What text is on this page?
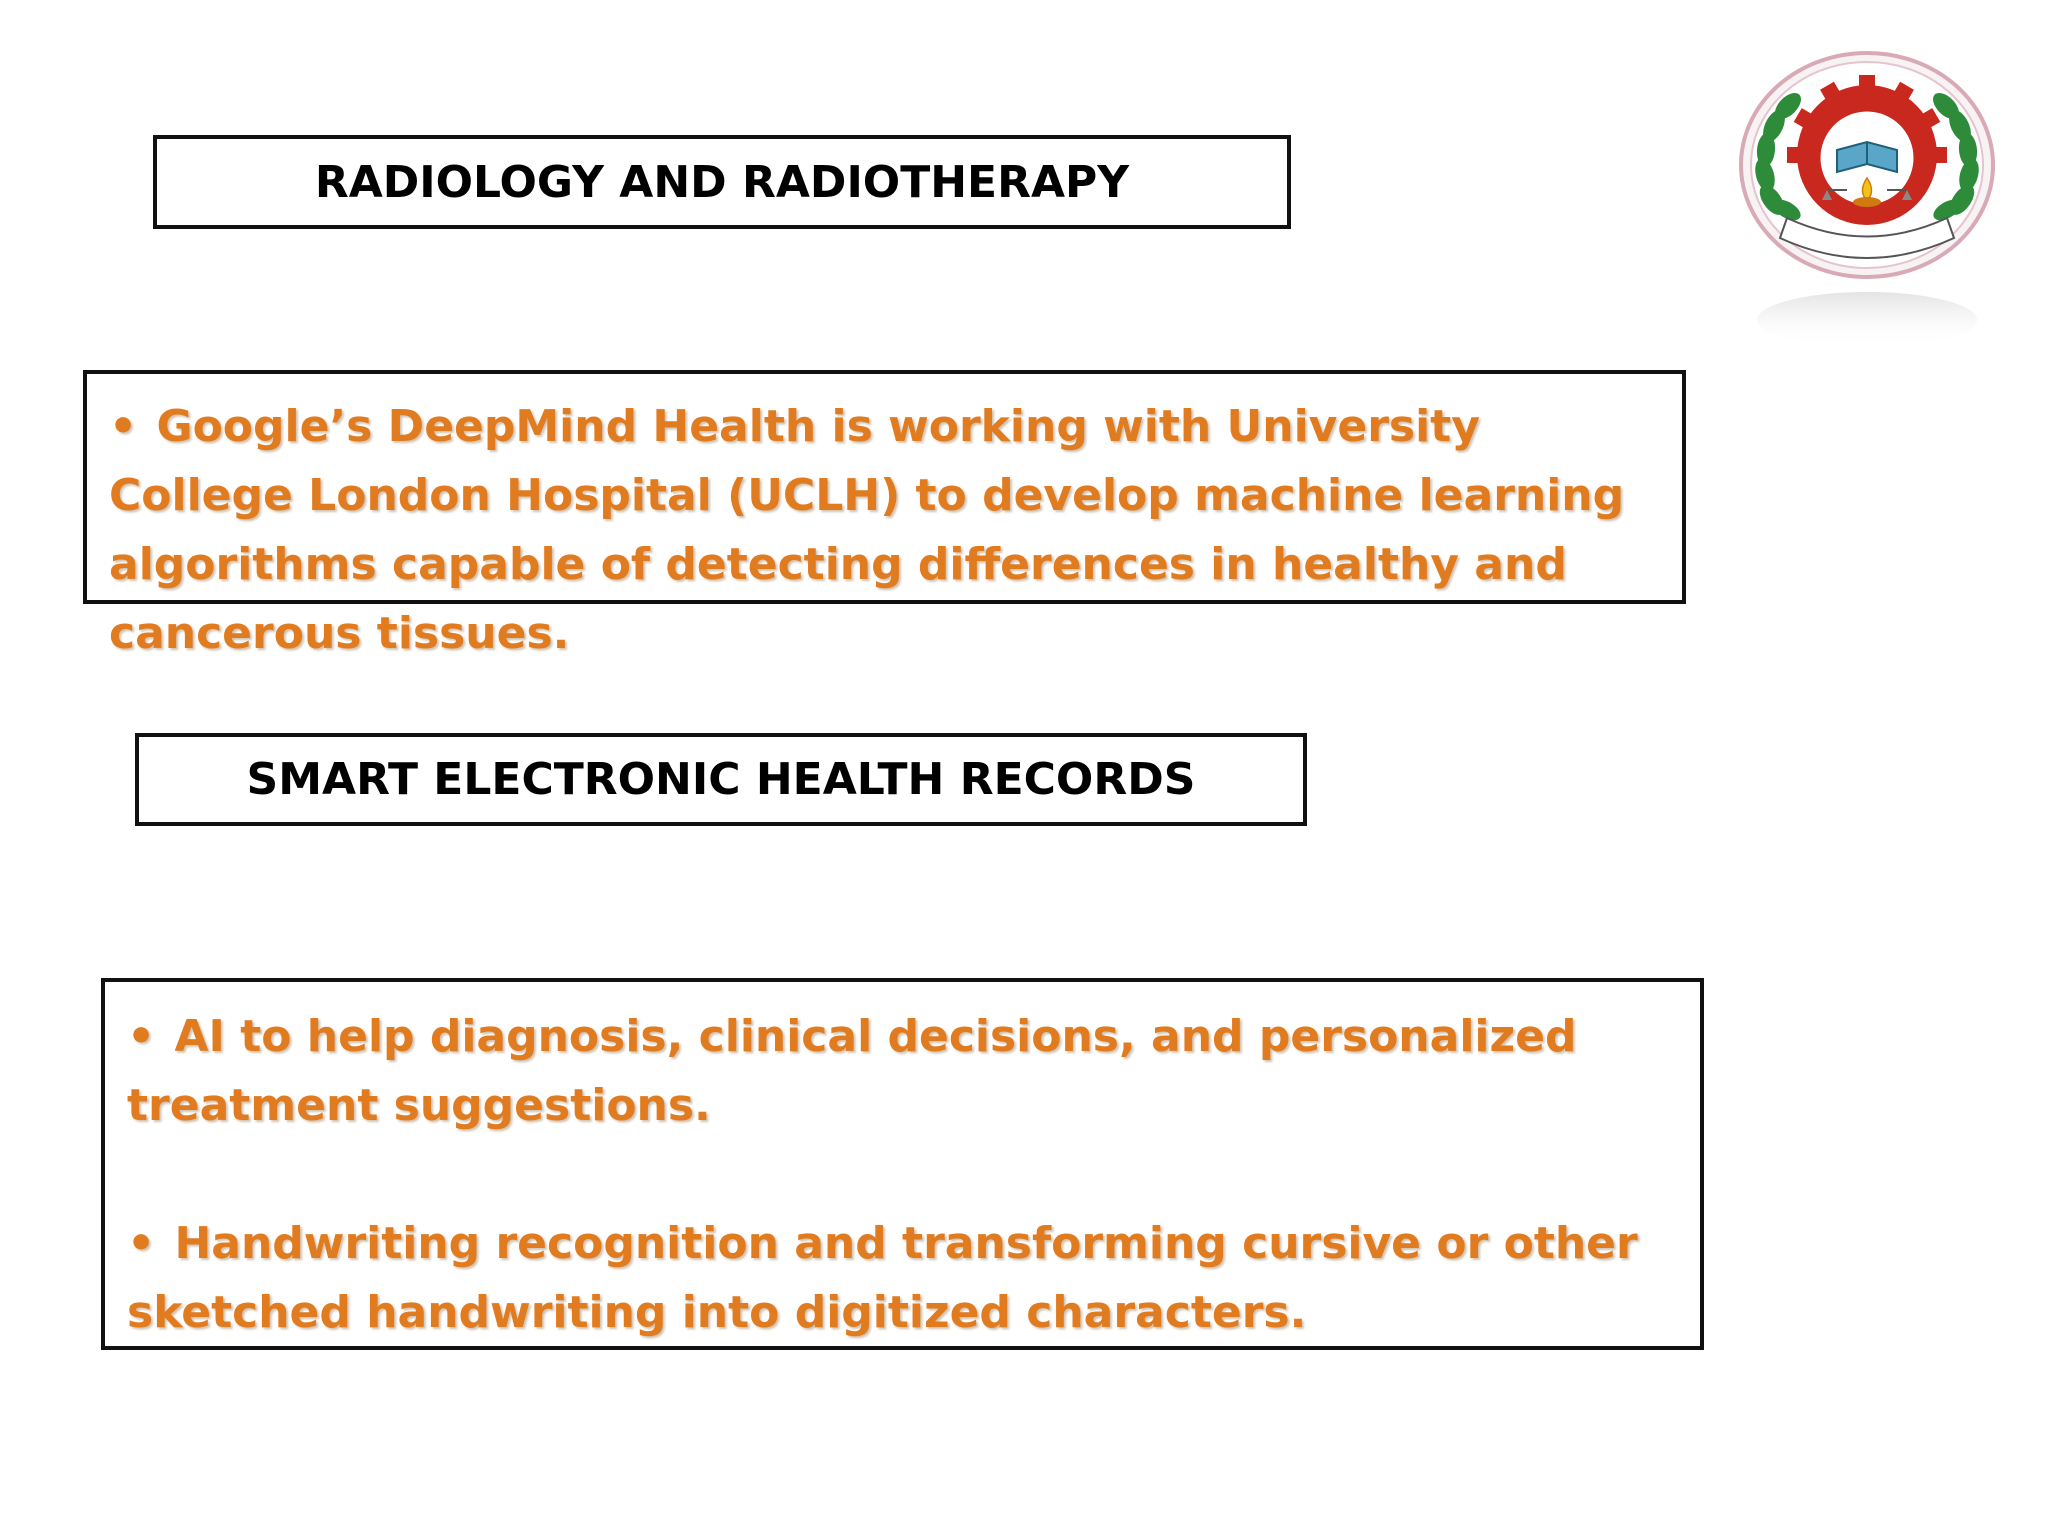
RADIOLOGY AND RADIOTHERAPY

• Google’s DeepMind Health is working with University College London Hospital (UCLH) to develop machine learning algorithms capable of detecting differences in healthy and cancerous tissues.

SMART ELECTRONIC HEALTH RECORDS

• AI to help diagnosis, clinical decisions, and personalized treatment suggestions.

• Handwriting recognition and transforming cursive or other sketched handwriting into digitized characters.
